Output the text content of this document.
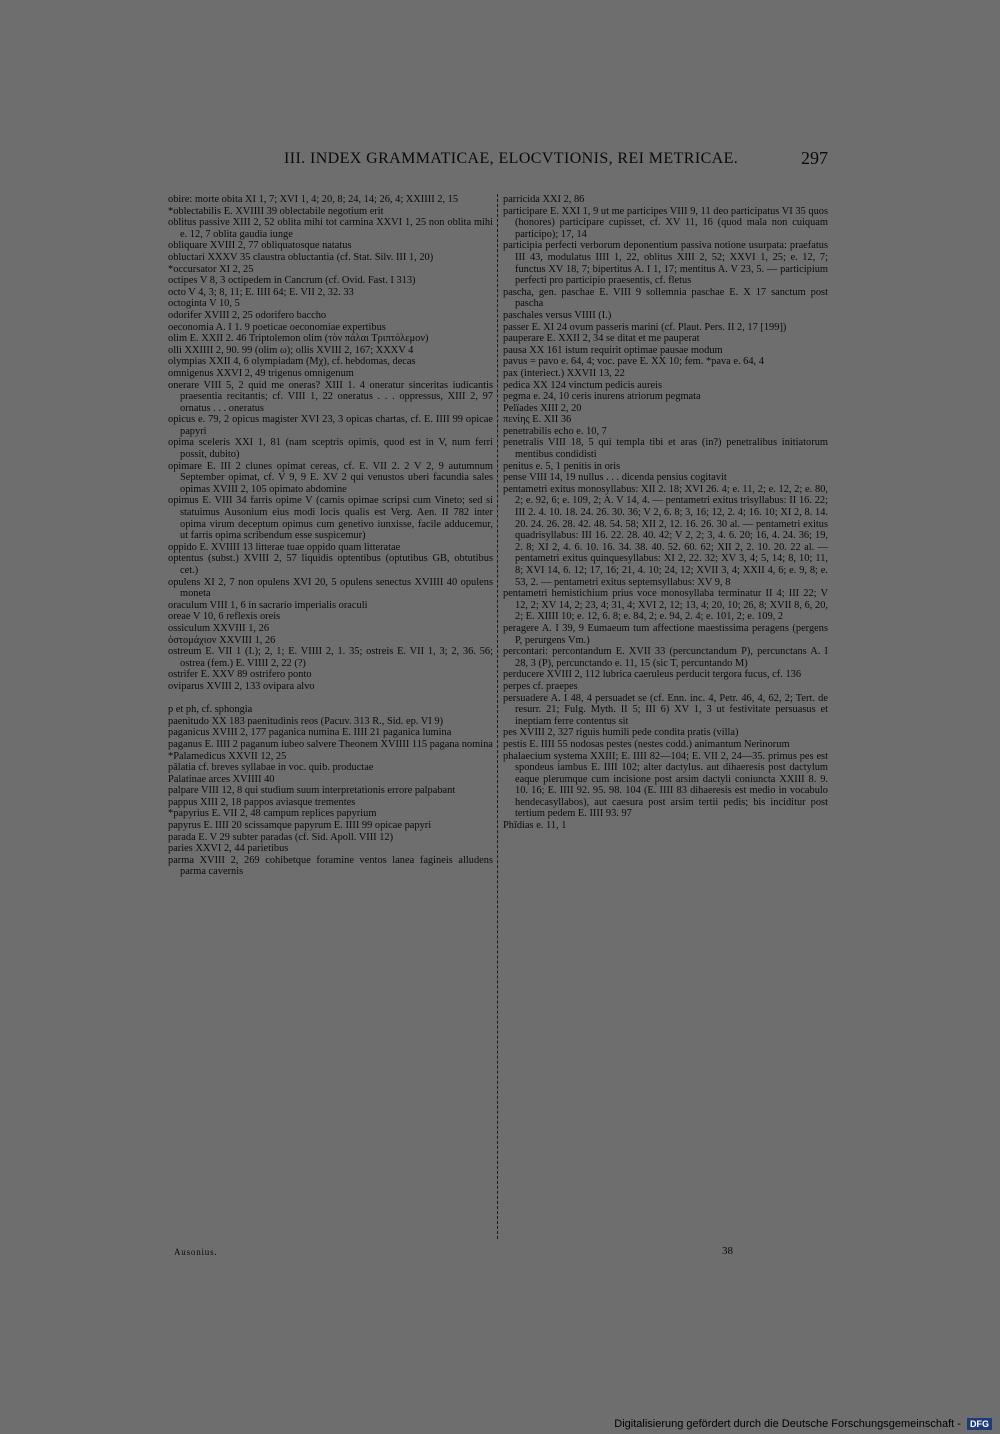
III. INDEX GRAMMATICAE, ELOCVTIONIS, REI METRICAE.	297
obire: morte obita XI 1, 7; XVI 1, 4; 20, 8; 24, 14; 26, 4; XXIIII 2, 15
*oblectabilis E. XVIIII 39 oblectabile negotium erit
oblitus passive XIII 2, 52 oblita mihi tot carmina XXVI 1, 25 non oblita mihi e. 12, 7 oblita gaudia iunge
obliquare XVIII 2, 77 obliquatosque natatus
obluctari XXXV 35 claustra obluctantia (cf. Stat. Silv. III 1, 20)
*occursator XI 2, 25
octipes V 8, 3 octipedem in Cancrum (cf. Ovid. Fast. I 313)
octo V 4, 3; 8, 11; E. IIII 64; E. VII 2, 32. 33
octoginta V 10, 5
odorifer XVIII 2, 25 odorifero baccho
oeconomia A. I 1. 9 poeticae oeconomiae expertibus
olim E. XXII 2. 46 Triptolemon olim (τὸν πάλαι Τριπτόλεμον)
olli XXIIII 2, 90. 99 (olim ω); ollis XVIII 2, 167; XXXV 4
olympias XXII 4, 6 olympiadam (Mχ), cf. hebdomas, decas
omnigenus XXVI 2, 49 trigenus omnigenum
onerare VIII 5, 2 quid me oneras? XIII 1. 4 oneratur sinceritas iudicantis praesentia recitantis; cf. VIII 1, 22 oneratus . . . oppressus, XIII 2, 97 ornatus . . . oneratus
opicus e. 79, 2 opicus magister XVI 23, 3 opicas chartas, cf. E. IIII 99 opicae papyri
opima sceleris XXI 1, 81 (nam sceptris opimis, quod est in V, num ferri possit, dubito)
opimare E. III 2 clunes opimat cereas, cf. E. VII 2. 2 V 2, 9 autumnum September opimat, cf. V 9, 9 E. XV 2 qui venustos uberi facundia sales opimas XVIII 2, 105 opimato abdomine
opimus E. VIII 34 farris opime V (carnis opimae scripsi cum Vineto; sed si statuimus Ausonium eius modi locis qualis est Verg. Aen. II 782 inter opima virum deceptum opimus cum genetivo iunxisse, facile adducemur, ut farris opima scribendum esse suspicemur)
oppido E. XVIIII 13 litterae tuae oppido quam litteratae
optentus (subst.) XVIII 2, 57 liquidis optentibus (optutibus GB, obtutibus cet.)
opulens XI 2, 7 non opulens XVI 20, 5 opulens senectus XVIIII 40 opulens moneta
oraculum VIII 1, 6 in sacrario imperialis oraculi
oreae V 10, 6 reflexis oreis
ossiculum XXVIII 1, 26
ὀστομάχιον XXVIII 1, 26
ostreum E. VII 1 (I.); 2, 1; E. VIIII 2, 1. 35; ostreis E. VII 1, 3; 2, 36. 56; ostrea (fem.) E. VIIII 2, 22 (?)
ostrifer E. XXV 89 ostrifero ponto
oviparus XVIII 2, 133 ovipara alvo
p et ph, cf. sphongia
paenitudo XX 183 paenitudinis reos (Pacuv. 313 R., Sid. ep. VI 9)
paganicus XVIII 2, 177 paganica numina E. IIII 21 paganica lumina
paganus E. IIII 2 paganum iubeo salvere Theonem XVIIII 115 pagana nomina
*Palamedicus XXVII 12, 25
pālatia cf. breves syllabae in voc. quib. productae
Palatinae arces XVIIII 40
palpare VIII 12, 8 qui studium suum interpretationis errore palpabant
pappus XIII 2, 18 pappos aviasque trementes
*papyrius E. VII 2, 48 campum replices papyrium
papyrus E. IIII 20 scissamque papyrum E. IIII 99 opicae papyri
parada E. V 29 subter paradas (cf. Sid. Apoll. VIII 12)
paries XXVI 2, 44 parietibus
parma XVIII 2, 269 cohibetque foramine ventos lanea fagineis alludens parma cavernis
parricida XXI 2, 86
participare E. XXI 1, 9 ut me participes VIII 9, 11 deo participatus VI 35 quos (honores) participare cupisset, cf. XV 11, 16 (quod mala non cuiquam participo); 17, 14
participia perfecti verborum deponentium passiva notione usurpata: praefatus III 43, modulatus IIII 1, 22, oblitus XIII 2, 52; XXVI 1, 25; e. 12, 7; functus XV 18, 7; bipertitus A. I 1, 17; mentitus A. V 23, 5. — participium perfecti pro participio praesentis, cf. fletus
pascha, gen. paschae E. VIII 9 sollemnia paschae E. X 17 sanctum post pascha
paschales versus VIIII (I.)
passer E. XI 24 ovum passeris marini (cf. Plaut. Pers. II 2, 17 [199])
pauperare E. XXII 2, 34 se ditat et me pauperat
pausa XX 161 istum requirit optimae pausae modum
pavus = pavo e. 64, 4; voc. pave E. XX 10; fem. *pava e. 64, 4
pax (interiect.) XXVII 13, 22
pedica XX 124 vinctum pedicis aureis
pegma e. 24, 10 ceris inurens atriorum pegmata
Pelïades XIII 2, 20
πενίης E. XII 36
penetrabilis echo e. 10, 7
penetralis VIII 18, 5 qui templa tibi et aras (in?) penetralibus initiatorum mentibus condidisti
penitus e. 5, 1 penitis in oris
pense VIII 14, 19 nullus . . . dicenda pensius cogitavit
pentametri exitus monosyllabus: XII 2. 18; XVI 26. 4; e. 11, 2; e. 12, 2; e. 80, 2; e. 92, 6; e. 109, 2; A. V 14, 4. — pentametri exitus trisyllabus: II 16. 22; III 2. 4. 10. 18. 24. 26. 30. 36; V 2, 6. 8; 3, 16; 12, 2. 4; 16. 10; XI 2, 8. 14. 20. 24. 26. 28. 42. 48. 54. 58; XII 2, 12. 16. 26. 30 al. — pentametri exitus quadrisyllabus: III 16. 22. 28. 40. 42; V 2, 2; 3, 4. 6. 20; 16, 4. 24. 36; 19, 2. 8; XI 2, 4. 6. 10. 16. 34. 38. 40. 52. 60. 62; XII 2, 2. 10. 20. 22 al. — pentametri exitus quinquesyllabus: XI 2, 22. 32; XV 3, 4; 5, 14; 8, 10; 11, 8; XVI 14, 6. 12; 17, 16; 21, 4. 10; 24, 12; XVII 3, 4; XXII 4, 6; e. 9, 8; e. 53, 2. — pentametri exitus septemsyllabus: XV 9, 8
pentametri hemistichium prius voce monosyllaba terminatur II 4; III 22; V 12, 2; XV 14, 2; 23, 4; 31, 4; XVI 2, 12; 13, 4; 20, 10; 26, 8; XVII 8, 6, 20, 2; E. XIIII 10; e. 12, 6. 8; e. 84, 2; e. 94, 2. 4; e. 101, 2; e. 109, 2
peragere A. I 39, 9 Eumaeum tum affectione maestissima peragens (pergens P, perurgens Vm.)
percontari: percontandum E. XVII 33 (percunctandum P), percunctans A. I 28, 3 (P), percunctando e. 11, 15 (sic T, percuntando M)
perducere XVIII 2, 112 lubrica caeruleus perducit tergora fucus, cf. 136
perpes cf. praepes
persuadere A. I 48, 4 persuadet se (cf. Enn. inc. 4, Petr. 46, 4, 62, 2; Tert. de resurr. 21; Fulg. Myth. II 5; III 6) XV 1, 3 ut festivitate persuasus et ineptiam ferre contentus sit
pes XVIII 2, 327 riguis humili pede condita pratis (villa)
pestis E. IIII 55 nodosas pestes (nestes codd.) animantum Nerinorum
phalaecium systema XXIII; E. IIII 82—104; E. VII 2, 24—35. primus pes est spondeus iambus E. IIII 102; alter dactylus. aut dihaeresis post dactylum eaque plerumque cum incisione post arsim dactyli coniuncta XXIII 8. 9. 10. 16; E. IIII 92. 95. 98. 104 (E. IIII 83 dihaeresis est medio in vocabulo hendecasyllabos), aut caesura post arsim tertii pedis; bis inciditur post tertium pedem E. IIII 93. 97
Phīdias e. 11, 1
Ausonius.	38
Digitalisierung gefördert durch die Deutsche Forschungsgemeinschaft - DFG
